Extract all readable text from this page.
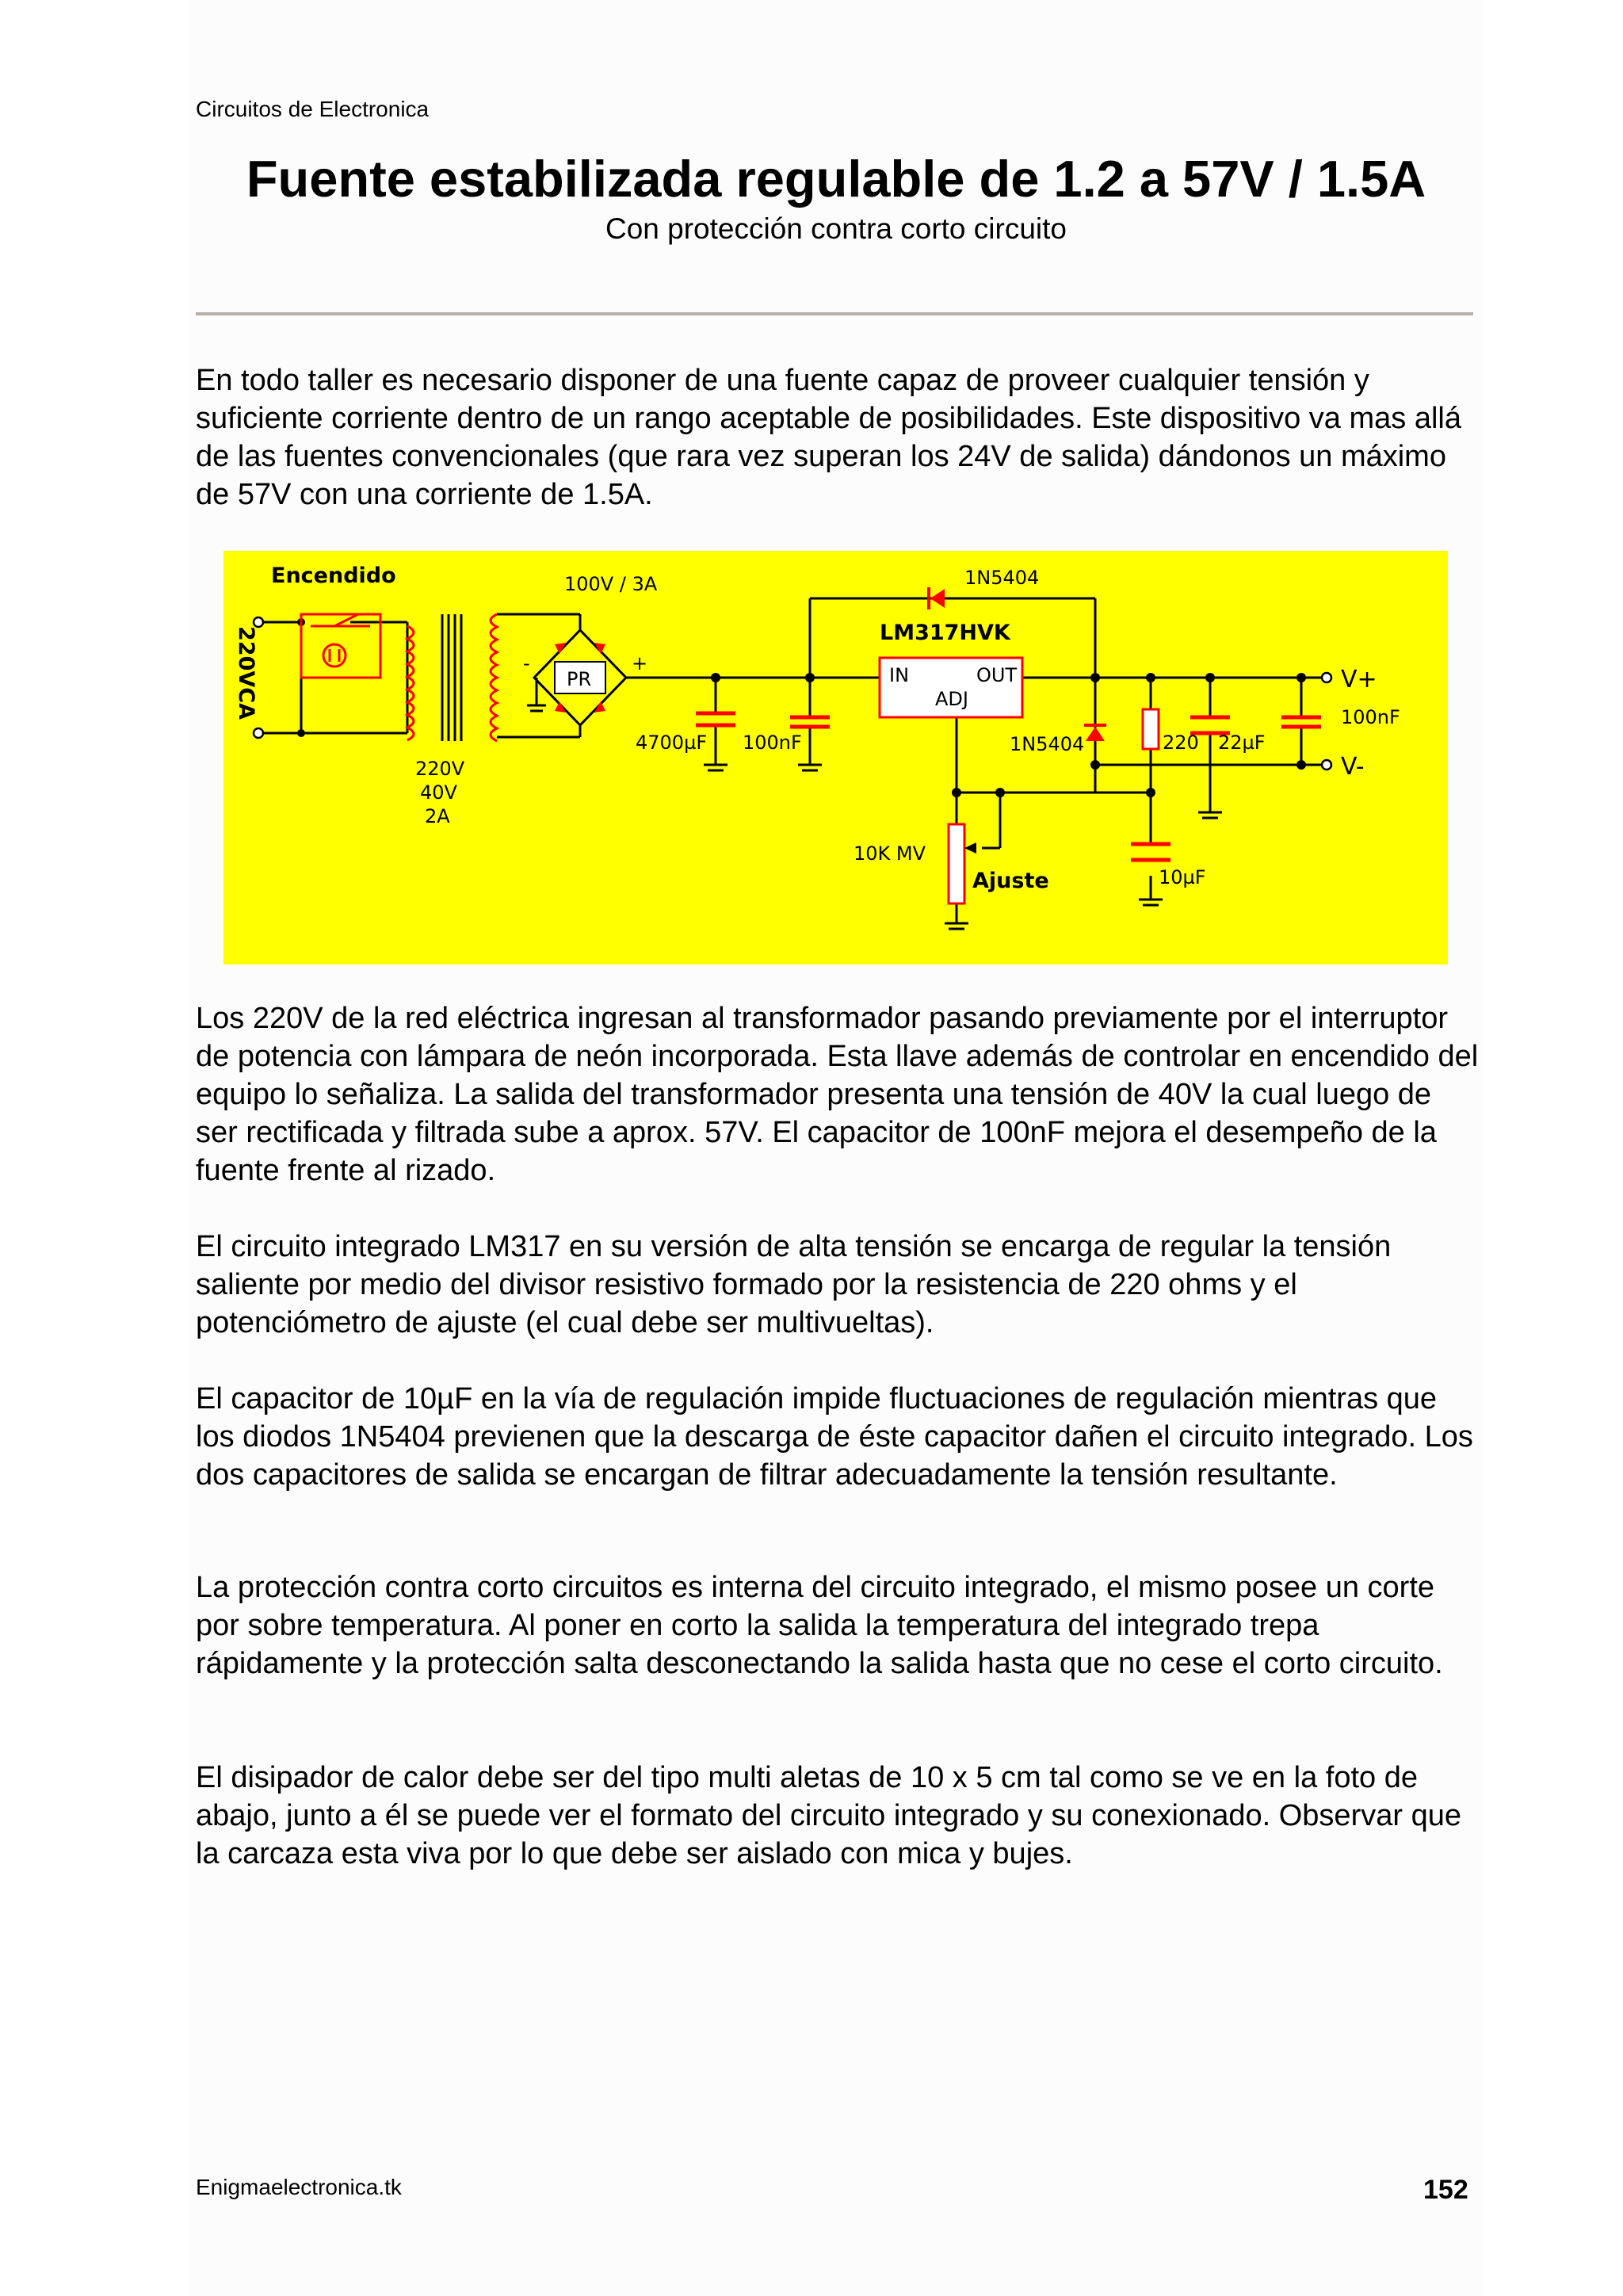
Circuitos de Electronica
Fuente estabilizada regulable de 1.2 a 57V / 1.5A
Con protección contra corto circuito

En todo taller es necesario disponer de una fuente capaz de proveer cualquier tensión y suficiente corriente dentro de un rango aceptable de posibilidades. Este dispositivo va mas allá de las fuentes convencionales (que rara vez superan los 24V de salida) dándonos un máximo de 57V con una corriente de 1.5A.

Encendido
220VCA
100V / 3A
220V
40V
2A
PR
+
-
4700µF 100nF
LM317HVK
IN	OUT
ADJ
1N5404
1N5404	220 22µF
100nF
10µF
10K MV
Ajuste
V+
V-

Los 220V de la red eléctrica ingresan al transformador pasando previamente por el interruptor de potencia con lámpara de neón incorporada. Esta llave además de controlar en encendido del equipo lo señaliza. La salida del transformador presenta una tensión de 40V la cual luego de ser rectificada y filtrada sube a aprox. 57V. El capacitor de 100nF mejora el desempeño de la fuente frente al rizado.

El circuito integrado LM317 en su versión de alta tensión se encarga de regular la tensión saliente por medio del divisor resistivo formado por la resistencia de 220 ohms y el potenciómetro de ajuste (el cual debe ser multivueltas).

El capacitor de 10µF en la vía de regulación impide fluctuaciones de regulación mientras que los diodos 1N5404 previenen que la descarga de éste capacitor dañen el circuito integrado. Los dos capacitores de salida se encargan de filtrar adecuadamente la tensión resultante.

La protección contra corto circuitos es interna del circuito integrado, el mismo posee un corte por sobre temperatura. Al poner en corto la salida la temperatura del integrado trepa rápidamente y la protección salta desconectando la salida hasta que no cese el corto circuito.

El disipador de calor debe ser del tipo multi aletas de 10 x 5 cm tal como se ve en la foto de abajo, junto a él se puede ver el formato del circuito integrado y su conexionado. Observar que la carcaza esta viva por lo que debe ser aislado con mica y bujes.

Enigmaelectronica.tk	152
